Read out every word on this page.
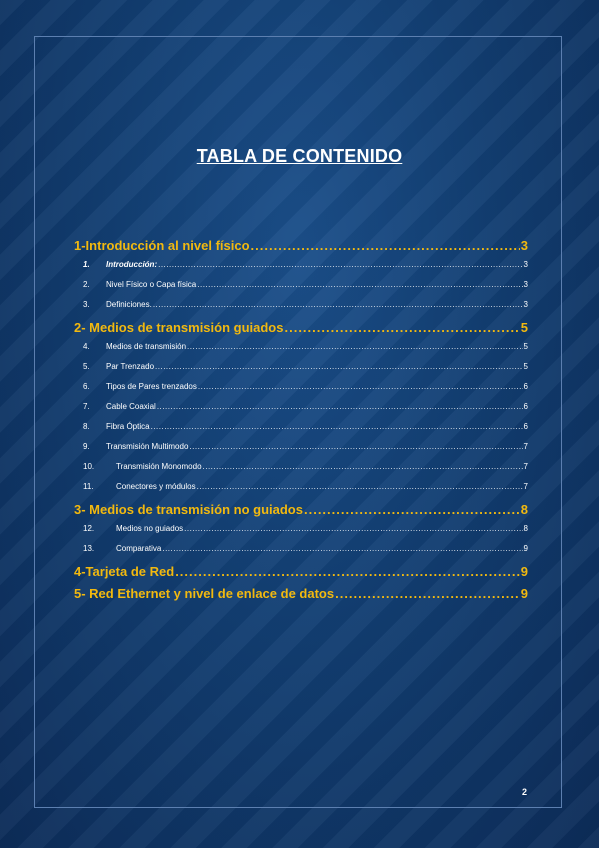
TABLA DE CONTENIDO
1-Introducción al nivel físico .....	3
1. Introducción: .....	3
2. Nivel Físico o Capa física .....	3
3. Definiciones. .....	3
2- Medios de transmisión guiados .....	5
4. Medios de transmisión .....	5
5. Par Trenzado .....	5
6. Tipos de Pares trenzados .....	6
7. Cable Coaxial .....	6
8. Fibra Óptica .....	6
9. Transmisión Multimodo .....	7
10.	Transmisión Monomodo .....	7
11.	Conectores y módulos .....	7
3- Medios de transmisión no guiados .....	8
12.	Medios no guiados .....	8
13.	Comparativa .....	9
4-Tarjeta de Red .....	9
5- Red Ethernet y nivel de enlace de datos .....	9
2
